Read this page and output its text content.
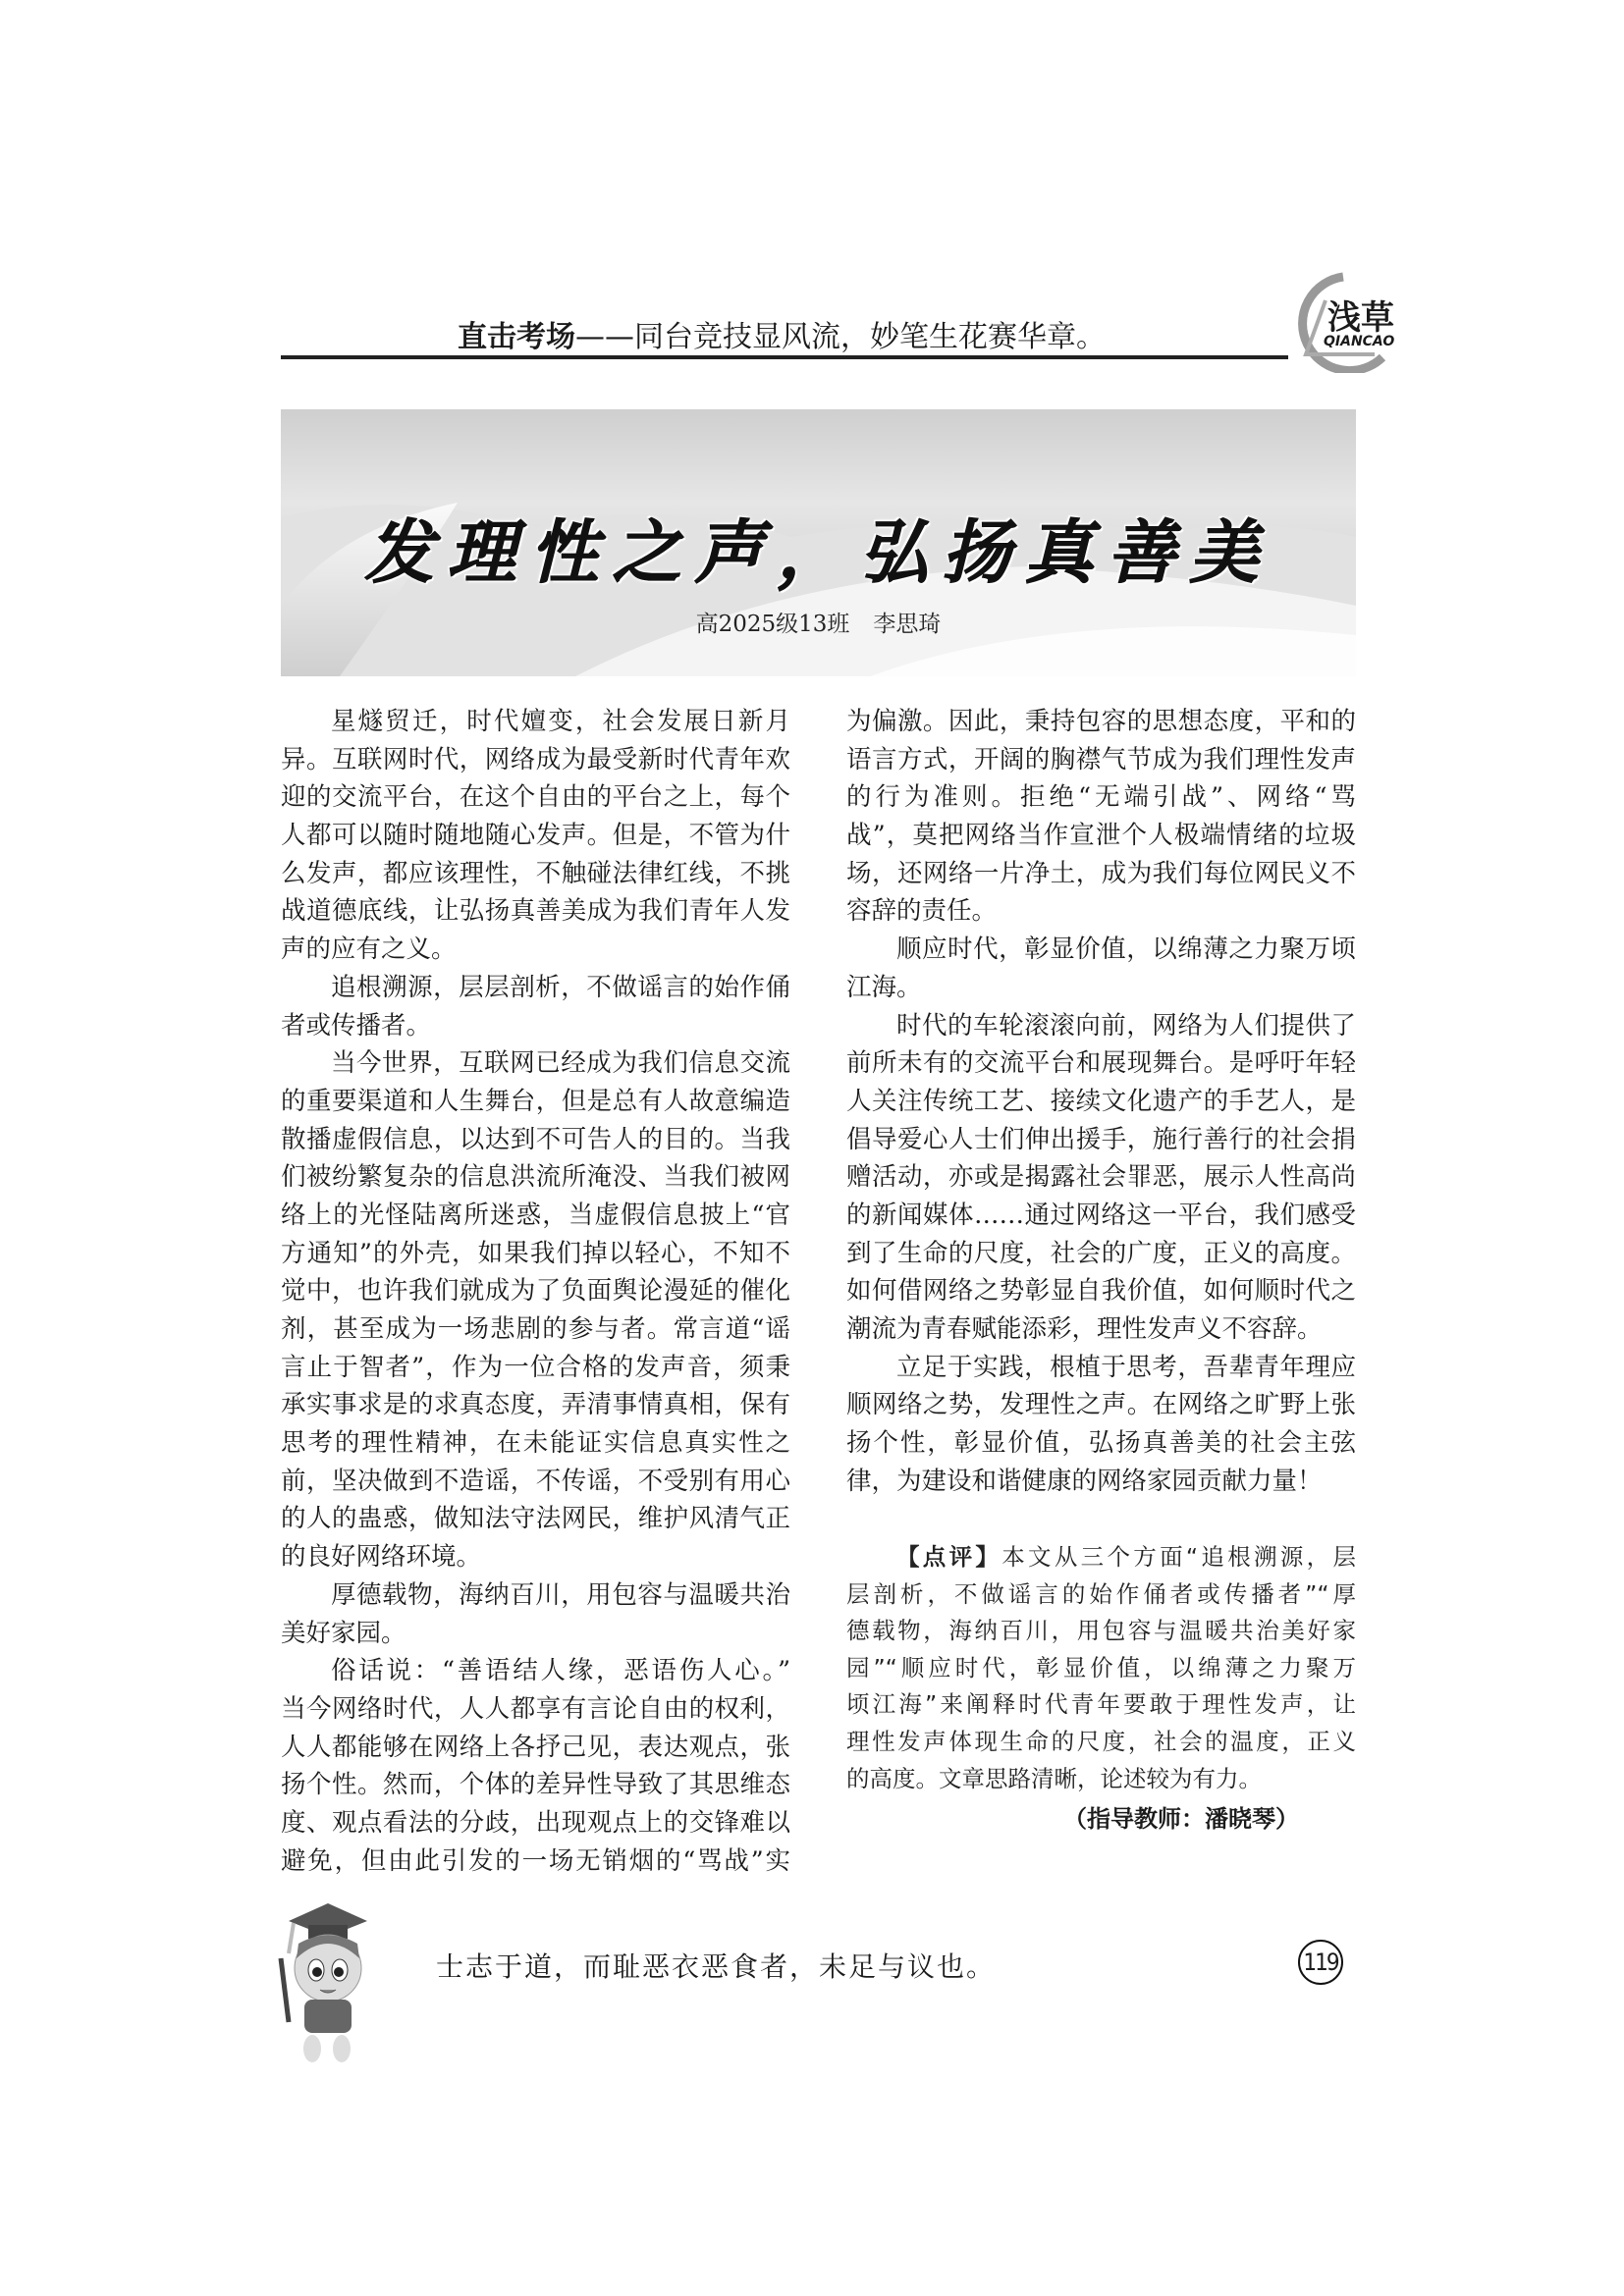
直击考场——同台竞技显风流，妙笔生花赛华章。	浅草
QIANCAO
发理性之声，弘扬真善美
高2025级13班 李思琦
星燧贸迁，时代嬗变，社会发展日新月
异。互联网时代，网络成为最受新时代青年欢
迎的交流平台，在这个自由的平台之上，每个
人都可以随时随地随心发声。但是，不管为什
么发声，都应该理性，不触碰法律红线，不挑
战道德底线，让弘扬真善美成为我们青年人发
声的应有之义。
追根溯源，层层剖析，不做谣言的始作俑
者或传播者。
当今世界，互联网已经成为我们信息交流
的重要渠道和人生舞台，但是总有人故意编造
散播虚假信息，以达到不可告人的目的。当我
们被纷繁复杂的信息洪流所淹没、当我们被网
络上的光怪陆离所迷惑，当虚假信息披上“官
方通知”的外壳，如果我们掉以轻心，不知不
觉中，也许我们就成为了负面舆论漫延的催化
剂，甚至成为一场悲剧的参与者。常言道“谣
言止于智者”，作为一位合格的发声音，须秉
承实事求是的求真态度，弄清事情真相，保有
思考的理性精神，在未能证实信息真实性之
前，坚决做到不造谣，不传谣，不受别有用心
的人的蛊惑，做知法守法网民，维护风清气正
的良好网络环境。
厚德载物，海纳百川，用包容与温暖共治
美好家园。
俗话说：“善语结人缘，恶语伤人心。”
当今网络时代，人人都享有言论自由的权利，
人人都能够在网络上各抒己见，表达观点，张
扬个性。然而，个体的差异性导致了其思维态
度、观点看法的分歧，出现观点上的交锋难以
避免，但由此引发的一场无销烟的“骂战”实
为偏激。因此，秉持包容的思想态度，平和的
语言方式，开阔的胸襟气节成为我们理性发声
的行为准则。拒绝“无端引战”、网络“骂
战”，莫把网络当作宣泄个人极端情绪的垃圾
场，还网络一片净土，成为我们每位网民义不
容辞的责任。
顺应时代，彰显价值，以绵薄之力聚万顷
江海。
时代的车轮滚滚向前，网络为人们提供了
前所未有的交流平台和展现舞台。是呼吁年轻
人关注传统工艺、接续文化遗产的手艺人，是
倡导爱心人士们伸出援手，施行善行的社会捐
赠活动，亦或是揭露社会罪恶，展示人性高尚
的新闻媒体……通过网络这一平台，我们感受
到了生命的尺度，社会的广度，正义的高度。
如何借网络之势彰显自我价值，如何顺时代之
潮流为青春赋能添彩，理性发声义不容辞。
立足于实践，根植于思考，吾辈青年理应
顺网络之势，发理性之声。在网络之旷野上张
扬个性，彰显价值，弘扬真善美的社会主弦
律，为建设和谐健康的网络家园贡献力量！
【点评】本文从三个方面“追根溯源，层
层剖析，不做谣言的始作俑者或传播者”“厚
德载物，海纳百川，用包容与温暖共治美好家
园”“顺应时代，彰显价值，以绵薄之力聚万
顷江海”来阐释时代青年要敢于理性发声，让
理性发声体现生命的尺度，社会的温度，正义
的高度。文章思路清晰，论述较为有力。
（指导教师：潘晓琴）
士志于道，而耻恶衣恶食者，未足与议也。	119
